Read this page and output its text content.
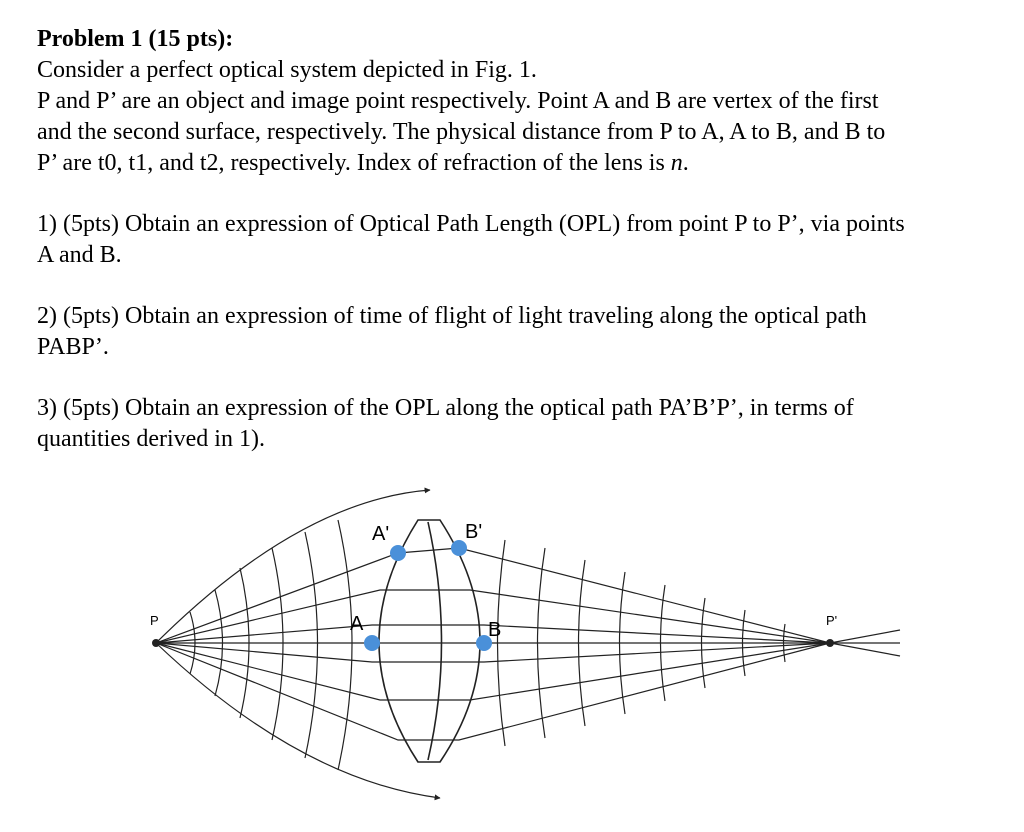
Problem 1 (15 pts):
Consider a perfect optical system depicted in Fig. 1.
P and P’ are an object and image point respectively. Point A and B are vertex of the first
and the second surface, respectively. The physical distance from P to A, A to B, and B to
P’ are t0, t1, and t2, respectively. Index of refraction of the lens is n.
1) (5pts) Obtain an expression of Optical Path Length (OPL) from point P to P’, via points
A and B.
2) (5pts) Obtain an expression of time of flight of light traveling along the optical path
PABP’.
3) (5pts) Obtain an expression of the OPL along the optical path PA’B’P’, in terms of
quantities derived in 1).
P	P'
A	B
A'	B'
